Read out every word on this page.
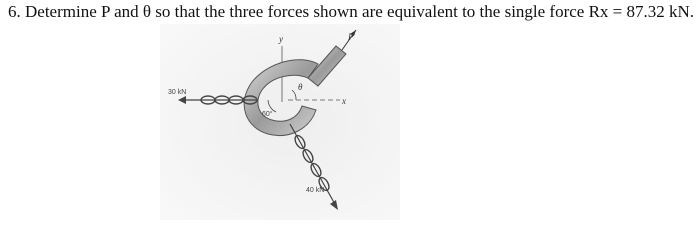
6. Determine P and θ so that the three forces shown are equivalent to the single force Rx = 87.32 kN.
30 kN
40 kN
60°
θ
x
y	P
